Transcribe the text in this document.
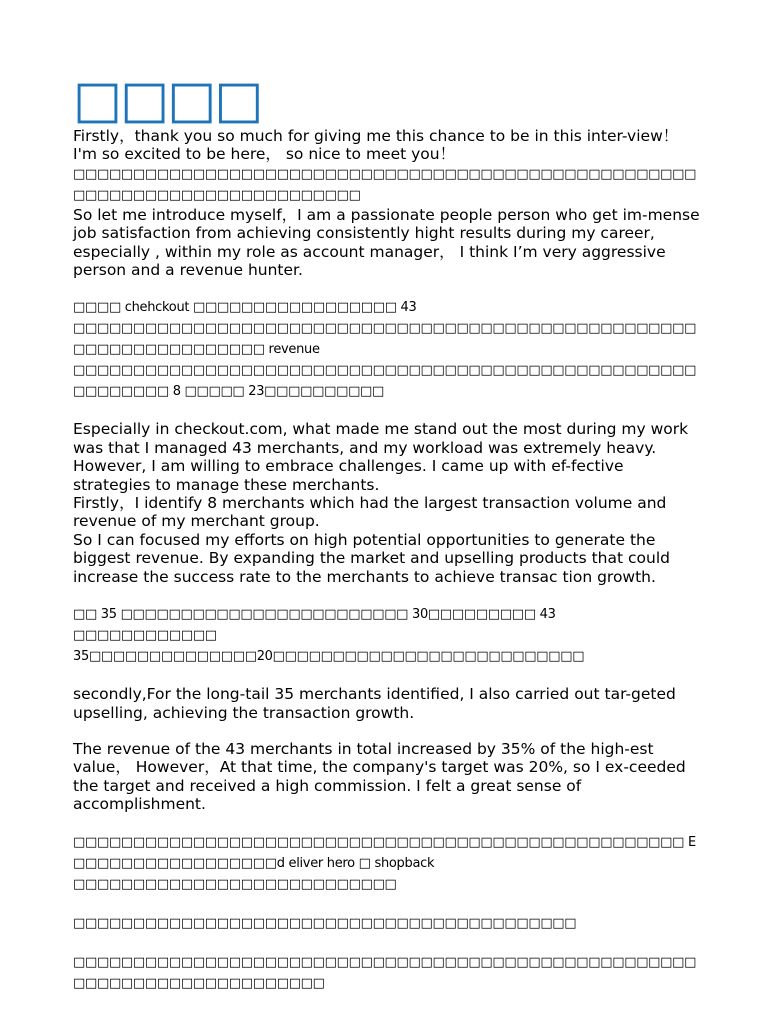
□□□□

Firstly，thank you so much for giving me this chance to be in this inter-view！

I'm so excited to be here， so nice to meet you！

□□□□□□□□□□□□□□□□□□□□□□□□□□□□□□□□□□□□□□□□□□□□□□□□□□□□□□□□□□□□□□□□□□□□□□□□□□□□

So let me introduce myself，I am a passionate people person who get im-mense job satisfaction from achieving consistently hight results during my career, especially , within my role as account manager， I think I’m very aggressive person and a revenue hunter.

□□□□ chehckout □□□□□□□□□□□□□□□□□ 43 □□□□□□□□□□□□□□□□□□□□□□□□□□□□□□□□□□□□□□□□□□□□□□□□□□□□□□□□□□□□□□□□□□□□ revenue □□□□□□□□□□□□□□□□□□□□□□□□□□□□□□□□□□□□□□□□□□□□□□□□□□□□□□□□□□□□ 8 □□□□□ 23□□□□□□□□□□

Especially in checkout.com, what made me stand out the most during my work was that I managed 43 merchants, and my workload was extremely heavy. However, I am willing to embrace challenges. I came up with ef-fective strategies to manage these merchants.

Firstly，I identify 8 merchants which had the largest transaction volume and revenue of my merchant group.

So I can focused my efforts on high potential opportunities to generate the biggest revenue. By expanding the market and upselling products that could increase the success rate to the merchants to achieve transac tion growth.

□□ 35 □□□□□□□□□□□□□□□□□□□□□□□□ 30□□□□□□□□□ 43 □□□□□□□□□□□□ 35□□□□□□□□□□□□□□20□□□□□□□□□□□□□□□□□□□□□□□□□□

secondly,For the long-tail 35 merchants identified, I also carried out tar-geted upselling, achieving the transaction growth.

The revenue of the 43 merchants in total increased by 35% of the high-est value， However，At that time, the company's target was 20%, so I ex-ceeded the target and received a high commission. I felt a great sense of accomplishment.

□□□□□□□□□□□□□□□□□□□□□□□□□□□□□□□□□□□□□□□□□□□□□□□□□□□ E □□□□□□□□□□□□□□□□□d eliver hero □ shopback □□□□□□□□□□□□□□□□□□□□□□□□□□□

□□□□□□□□□□□□□□□□□□□□□□□□□□□□□□□□□□□□□□□□□□

□□□□□□□□□□□□□□□□□□□□□□□□□□□□□□□□□□□□□□□□□□□□□□□□□□□□□□□□□□□□□□□□□□□□□□□□□
